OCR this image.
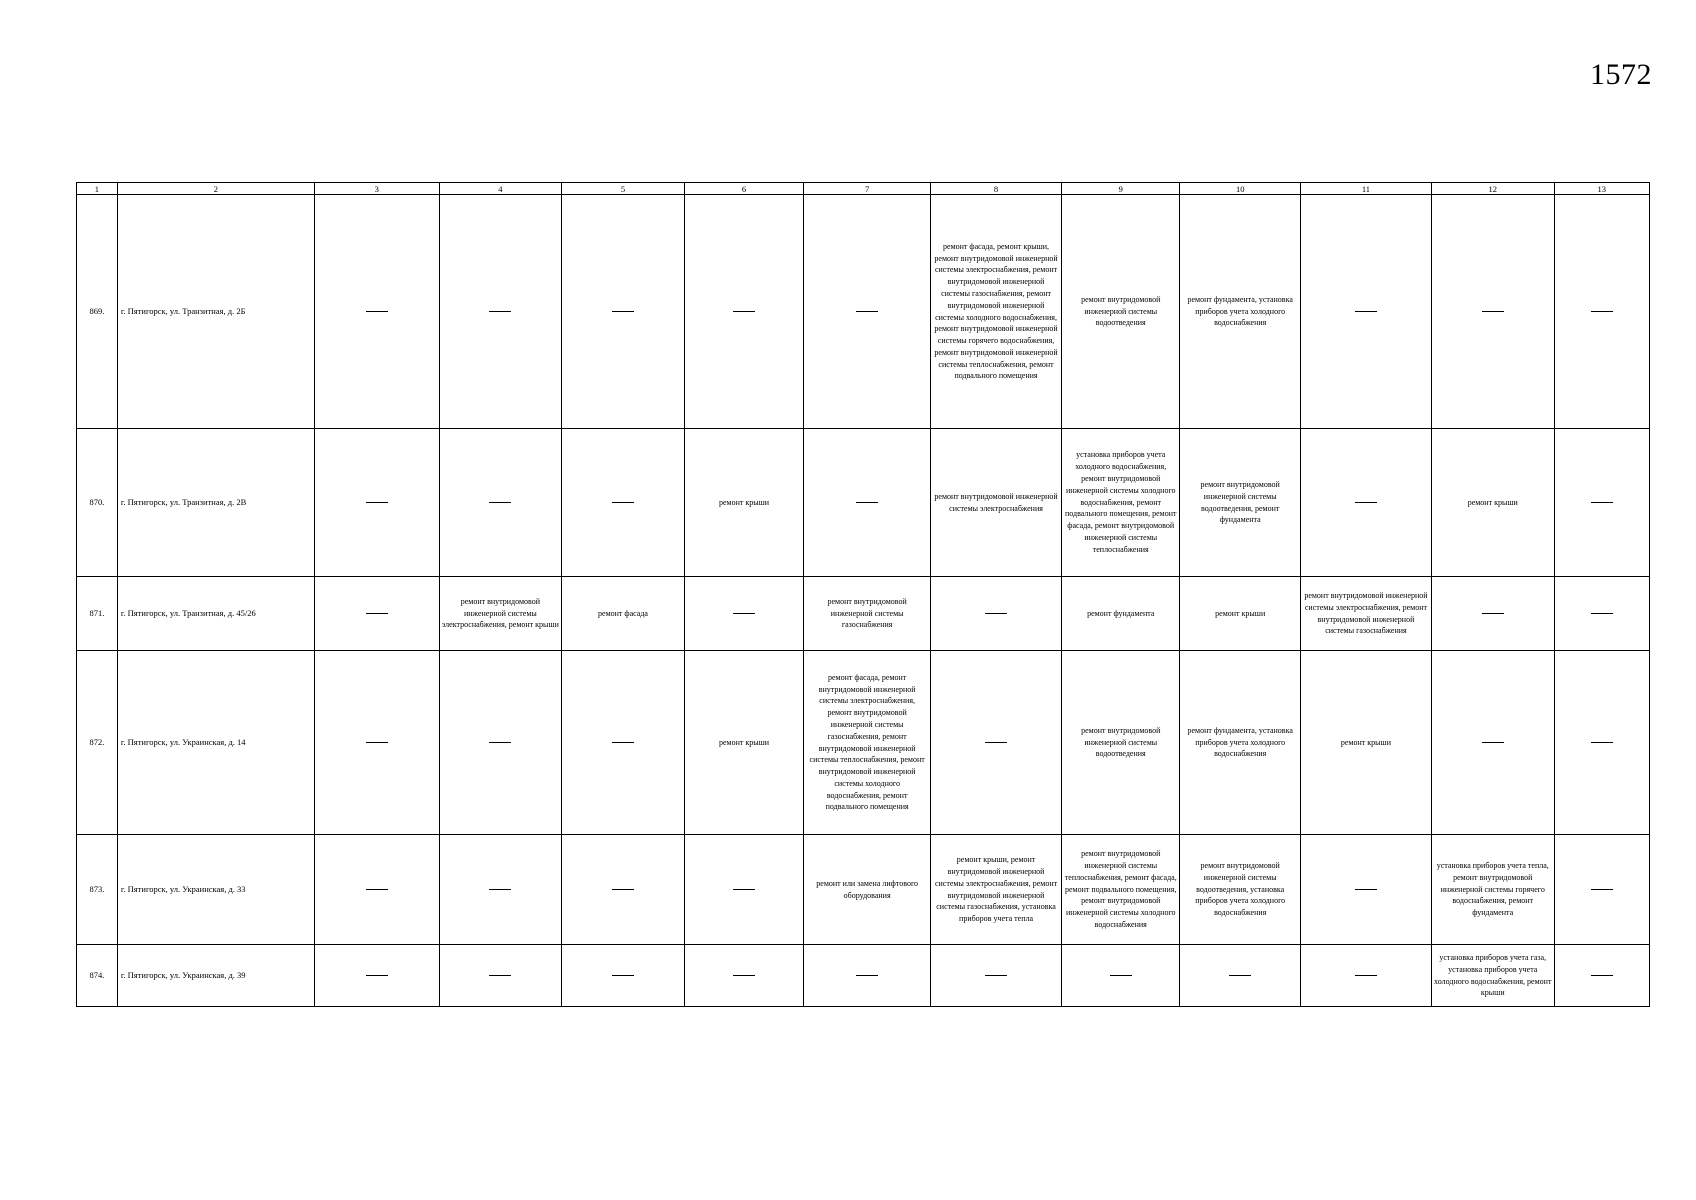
1572
1	2	3	4	5	6	7	8	9	10	11	12	13
869.	г. Пятигорск, ул. Транзитная, д. 2Б						ремонт фасада, ремонт крыши, ремонт внутридомовой инженерной системы электроснабжения, ремонт внутридомовой инженерной системы газоснабжения, ремонт внутридомовой инженерной системы холодного водоснабжения, ремонт внутридомовой инженерной системы горячего водоснабжения, ремонт внутридомовой инженерной системы теплоснабжения, ремонт подвального помещения	ремонт внутридомовой инженерной системы водоотведения	ремонт фундамента, установка приборов учета холодного водоснабжения			

870.	г. Пятигорск, ул. Транзитная, д. 2В				ремонт крыши		ремонт внутридомовой инженерной системы электроснабжения	установка приборов учета холодного водоснабжения, ремонт внутридомовой инженерной системы холодного водоснабжения, ремонт подвального помещения, ремонт фасада, ремонт внутридомовой инженерной системы теплоснабжения	ремонт внутридомовой инженерной системы водоотведения, ремонт фундамента		ремонт крыши	

871.	г. Пятигорск, ул. Транзитная, д. 45/26		ремонт внутридомовой инженерной системы электроснабжения, ремонт крыши	ремонт фасада		ремонт внутридомовой инженерной системы газоснабжения		ремонт фундамента	ремонт крыши	ремонт внутридомовой инженерной системы электроснабжения, ремонт внутридомовой инженерной системы газоснабжения		

872.	г. Пятигорск, ул. Украинская, д. 14				ремонт крыши	ремонт фасада, ремонт внутридомовой инженерной системы электроснабжения, ремонт внутридомовой инженерной системы газоснабжения, ремонт внутридомовой инженерной системы теплоснабжения, ремонт внутридомовой инженерной системы холодного водоснабжения, ремонт подвального помещения		ремонт внутридомовой инженерной системы водоотведения	ремонт фундамента, установка приборов учета холодного водоснабжения	ремонт крыши		

873.	г. Пятигорск, ул. Украинская, д. 33					ремонт или замена лифтового оборудования	ремонт крыши, ремонт внутридомовой инженерной системы электроснабжения, ремонт внутридомовой инженерной системы газоснабжения, установка приборов учета тепла	ремонт внутридомовой инженерной системы теплоснабжения, ремонт фасада, ремонт подвального помещения, ремонт внутридомовой инженерной системы холодного водоснабжения	ремонт внутридомовой инженерной системы водоотведения, установка приборов учета холодного водоснабжения		установка приборов учета тепла, ремонт внутридомовой инженерной системы горячего водоснабжения, ремонт фундамента	

874.	г. Пятигорск, ул. Украинская, д. 39										установка приборов учета газа, установка приборов учета холодного водоснабжения, ремонт крыши	
